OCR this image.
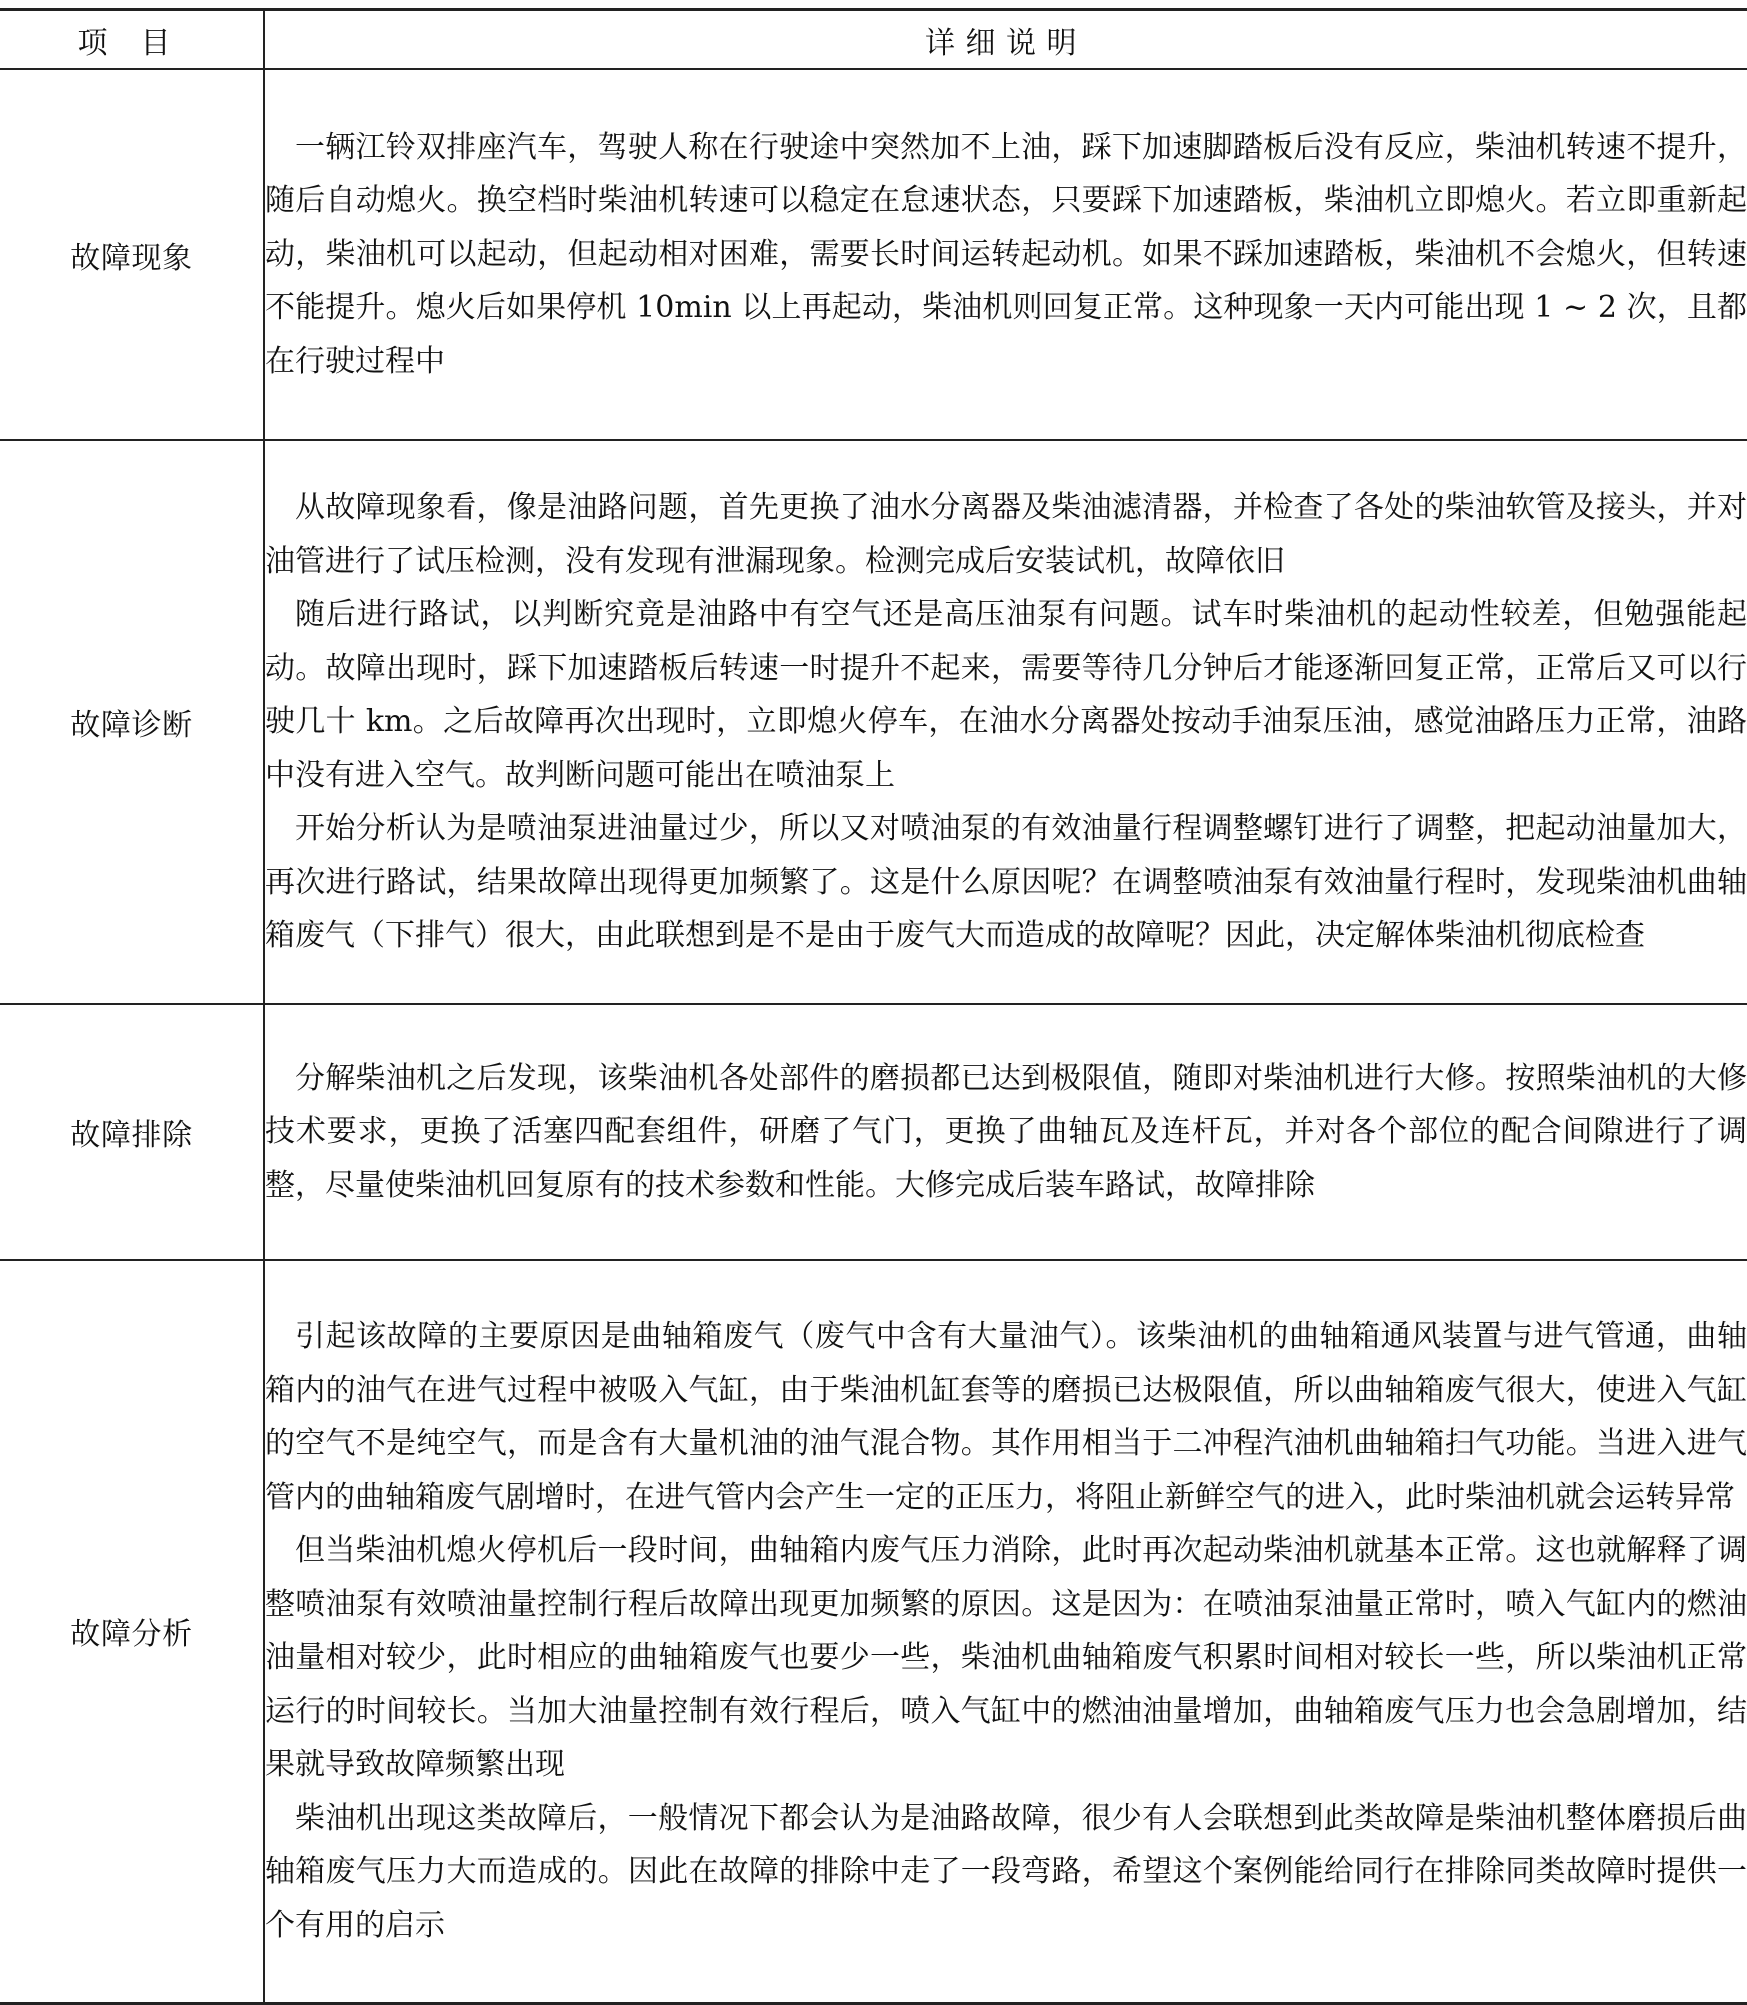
项目	详细说明
故障现象	一辆江铃双排座汽车，驾驶人称在行驶途中突然加不上油，踩下加速脚踏板后没有反应，柴油机转速不提升，随后自动熄火。换空档时柴油机转速可以稳定在怠速状态，只要踩下加速踏板，柴油机立即熄火。若立即重新起动，柴油机可以起动，但起动相对困难，需要长时间运转起动机。如果不踩加速踏板，柴油机不会熄火，但转速不能提升。熄火后如果停机 10min 以上再起动，柴油机则回复正常。这种现象一天内可能出现 1 ~ 2 次，且都在行驶过程中

故障诊断	从故障现象看，像是油路问题，首先更换了油水分离器及柴油滤清器，并检查了各处的柴油软管及接头，并对油管进行了试压检测，没有发现有泄漏现象。检测完成后安装试机，故障依旧

随后进行路试，以判断究竟是油路中有空气还是高压油泵有问题。试车时柴油机的起动性较差，但勉强能起动。故障出现时，踩下加速踏板后转速一时提升不起来，需要等待几分钟后才能逐渐回复正常，正常后又可以行驶几十 km。之后故障再次出现时，立即熄火停车，在油水分离器处按动手油泵压油，感觉油路压力正常，油路中没有进入空气。故判断问题可能出在喷油泵上

开始分析认为是喷油泵进油量过少，所以又对喷油泵的有效油量行程调整螺钉进行了调整，把起动油量加大，再次进行路试，结果故障出现得更加频繁了。这是什么原因呢？在调整喷油泵有效油量行程时，发现柴油机曲轴箱废气（下排气）很大，由此联想到是不是由于废气大而造成的故障呢？因此，决定解体柴油机彻底检查

故障排除	分解柴油机之后发现，该柴油机各处部件的磨损都已达到极限值，随即对柴油机进行大修。按照柴油机的大修技术要求，更换了活塞四配套组件，研磨了气门，更换了曲轴瓦及连杆瓦，并对各个部位的配合间隙进行了调整，尽量使柴油机回复原有的技术参数和性能。大修完成后装车路试，故障排除

故障分析	引起该故障的主要原因是曲轴箱废气（废气中含有大量油气）。该柴油机的曲轴箱通风装置与进气管通，曲轴箱内的油气在进气过程中被吸入气缸，由于柴油机缸套等的磨损已达极限值，所以曲轴箱废气很大，使进入气缸的空气不是纯空气，而是含有大量机油的油气混合物。其作用相当于二冲程汽油机曲轴箱扫气功能。当进入进气管内的曲轴箱废气剧增时，在进气管内会产生一定的正压力，将阻止新鲜空气的进入，此时柴油机就会运转异常

但当柴油机熄火停机后一段时间，曲轴箱内废气压力消除，此时再次起动柴油机就基本正常。这也就解释了调整喷油泵有效喷油量控制行程后故障出现更加频繁的原因。这是因为：在喷油泵油量正常时，喷入气缸内的燃油油量相对较少，此时相应的曲轴箱废气也要少一些，柴油机曲轴箱废气积累时间相对较长一些，所以柴油机正常运行的时间较长。当加大油量控制有效行程后，喷入气缸中的燃油油量增加，曲轴箱废气压力也会急剧增加，结果就导致故障频繁出现

柴油机出现这类故障后，一般情况下都会认为是油路故障，很少有人会联想到此类故障是柴油机整体磨损后曲轴箱废气压力大而造成的。因此在故障的排除中走了一段弯路，希望这个案例能给同行在排除同类故障时提供一个有用的启示
